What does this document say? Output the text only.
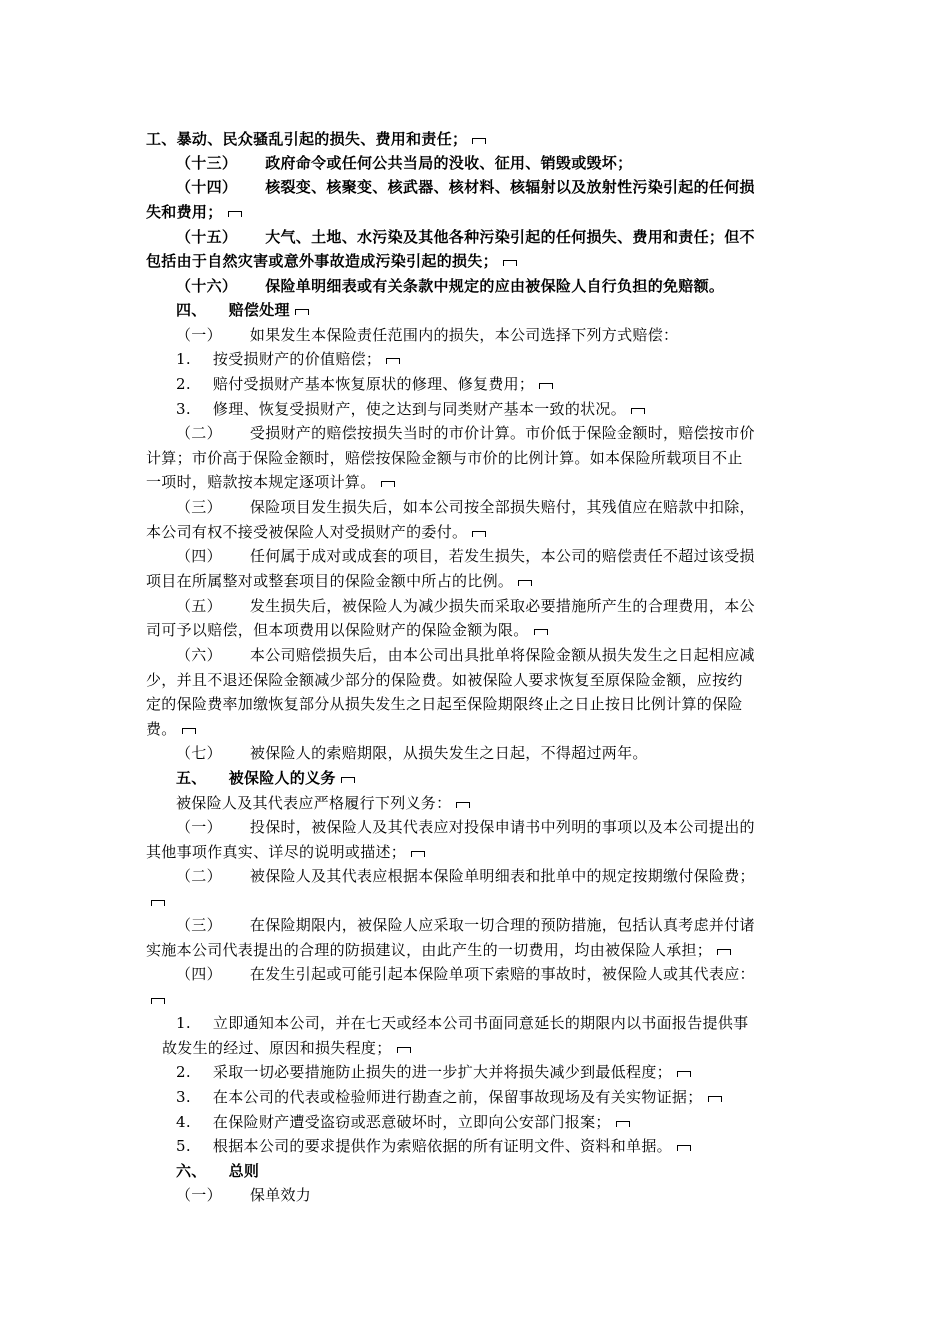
工、暴动、民众骚乱引起的损失、费用和责任；
（十三） 政府命令或任何公共当局的没收、征用、销毁或毁坏；
（十四） 核裂变、核聚变、核武器、核材料、核辐射以及放射性污染引起的任何损
失和费用；
（十五） 大气、土地、水污染及其他各种污染引起的任何损失、费用和责任；但不
包括由于自然灾害或意外事故造成污染引起的损失；
（十六） 保险单明细表或有关条款中规定的应由被保险人自行负担的免赔额。
四、 赔偿处理
（一） 如果发生本保险责任范围内的损失，本公司选择下列方式赔偿：
1. 按受损财产的价值赔偿；
2. 赔付受损财产基本恢复原状的修理、修复费用；
3. 修理、恢复受损财产，使之达到与同类财产基本一致的状况。
（二） 受损财产的赔偿按损失当时的市价计算。市价低于保险金额时，赔偿按市价
计算；市价高于保险金额时，赔偿按保险金额与市价的比例计算。如本保险所载项目不止
一项时，赔款按本规定逐项计算。
（三） 保险项目发生损失后，如本公司按全部损失赔付，其残值应在赔款中扣除，
本公司有权不接受被保险人对受损财产的委付。
（四） 任何属于成对或成套的项目，若发生损失，本公司的赔偿责任不超过该受损
项目在所属整对或整套项目的保险金额中所占的比例。
（五） 发生损失后，被保险人为减少损失而采取必要措施所产生的合理费用，本公
司可予以赔偿，但本项费用以保险财产的保险金额为限。
（六） 本公司赔偿损失后，由本公司出具批单将保险金额从损失发生之日起相应减
少，并且不退还保险金额减少部分的保险费。如被保险人要求恢复至原保险金额，应按约
定的保险费率加缴恢复部分从损失发生之日起至保险期限终止之日止按日比例计算的保险
费。
（七） 被保险人的索赔期限，从损失发生之日起，不得超过两年。
五、 被保险人的义务
被保险人及其代表应严格履行下列义务：
（一） 投保时，被保险人及其代表应对投保申请书中列明的事项以及本公司提出的
其他事项作真实、详尽的说明或描述；
（二） 被保险人及其代表应根据本保险单明细表和批单中的规定按期缴付保险费；
（三） 在保险期限内，被保险人应采取一切合理的预防措施，包括认真考虑并付诸
实施本公司代表提出的合理的防损建议，由此产生的一切费用，均由被保险人承担；
（四） 在发生引起或可能引起本保险单项下索赔的事故时，被保险人或其代表应：
1. 立即通知本公司，并在七天或经本公司书面同意延长的期限内以书面报告提供事
故发生的经过、原因和损失程度；
2. 采取一切必要措施防止损失的进一步扩大并将损失减少到最低程度；
3. 在本公司的代表或检验师进行勘查之前，保留事故现场及有关实物证据；
4. 在保险财产遭受盗窃或恶意破坏时，立即向公安部门报案；
5. 根据本公司的要求提供作为索赔依据的所有证明文件、资料和单据。
六、 总则
（一） 保单效力
